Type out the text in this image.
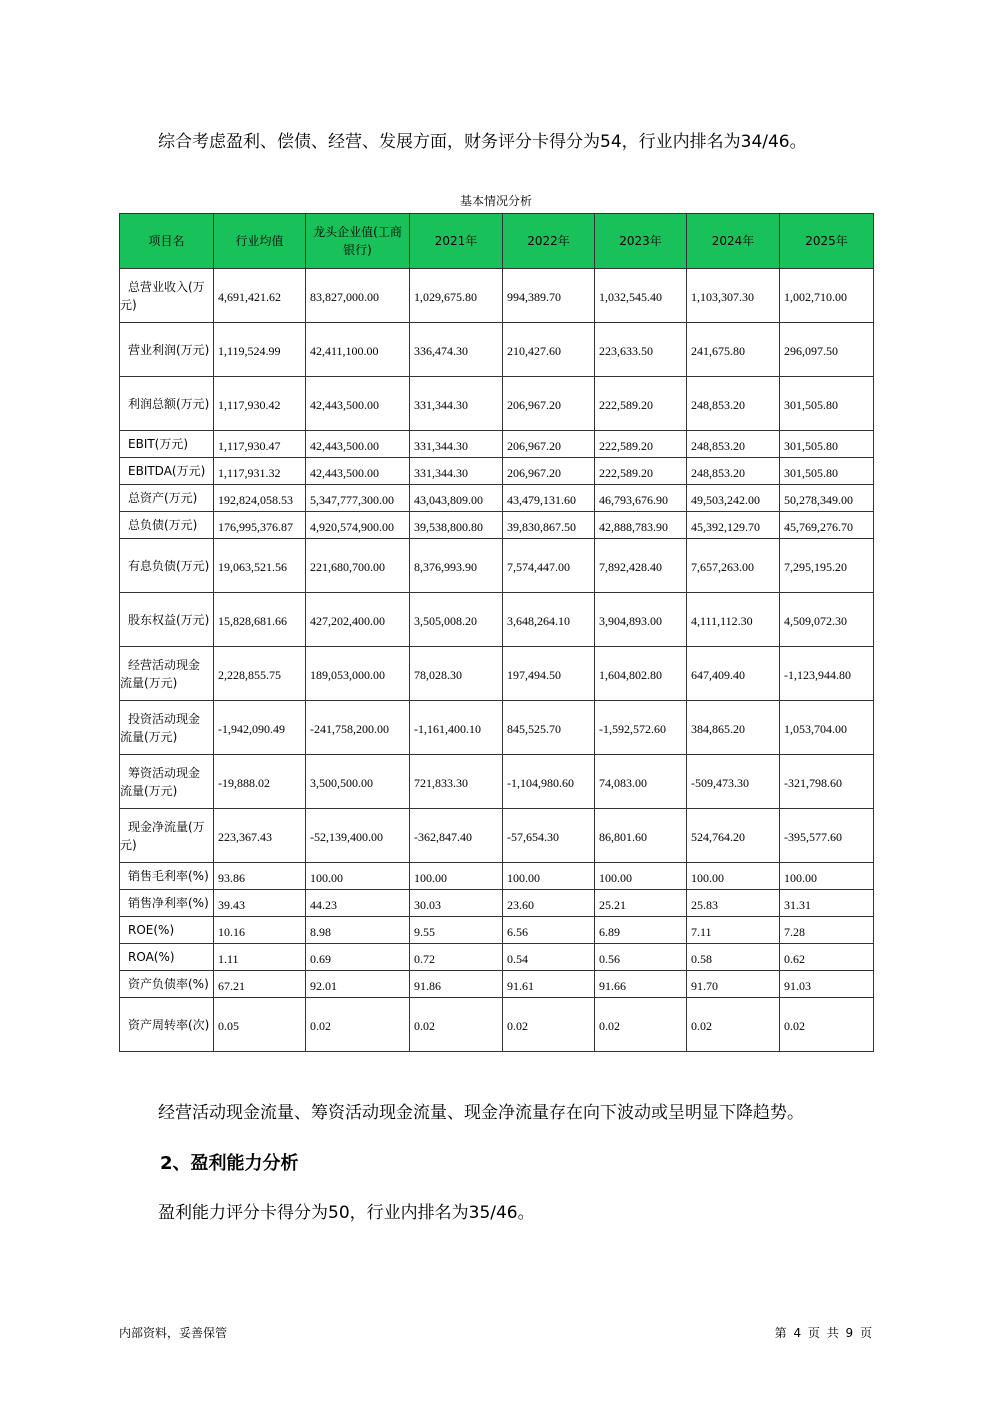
综合考虑盈利、偿债、经营、发展方面，财务评分卡得分为54，行业内排名为34/46。
基本情况分析
项目名	行业均值	龙头企业值(工商银行)	2021年	2022年	2023年	2024年	2025年

总营业收入(万元)	4,691,421.62	83,827,000.00	1,029,675.80	994,389.70	1,032,545.40	1,103,307.30	1,002,710.00

营业利润(万元)	1,119,524.99	42,411,100.00	336,474.30	210,427.60	223,633.50	241,675.80	296,097.50

利润总额(万元)	1,117,930.42	42,443,500.00	331,344.30	206,967.20	222,589.20	248,853.20	301,505.80

EBIT(万元)	1,117,930.47	42,443,500.00	331,344.30	206,967.20	222,589.20	248,853.20	301,505.80

EBITDA(万元)	1,117,931.32	42,443,500.00	331,344.30	206,967.20	222,589.20	248,853.20	301,505.80

总资产(万元)	192,824,058.53	5,347,777,300.00	43,043,809.00	43,479,131.60	46,793,676.90	49,503,242.00	50,278,349.00

总负债(万元)	176,995,376.87	4,920,574,900.00	39,538,800.80	39,830,867.50	42,888,783.90	45,392,129.70	45,769,276.70

有息负债(万元)	19,063,521.56	221,680,700.00	8,376,993.90	7,574,447.00	7,892,428.40	7,657,263.00	7,295,195.20

股东权益(万元)	15,828,681.66	427,202,400.00	3,505,008.20	3,648,264.10	3,904,893.00	4,111,112.30	4,509,072.30

经营活动现金流量(万元)	2,228,855.75	189,053,000.00	78,028.30	197,494.50	1,604,802.80	647,409.40	-1,123,944.80

投资活动现金流量(万元)	-1,942,090.49	-241,758,200.00	-1,161,400.10	845,525.70	-1,592,572.60	384,865.20	1,053,704.00

筹资活动现金流量(万元)	-19,888.02	3,500,500.00	721,833.30	-1,104,980.60	74,083.00	-509,473.30	-321,798.60

现金净流量(万元)	223,367.43	-52,139,400.00	-362,847.40	-57,654.30	86,801.60	524,764.20	-395,577.60

销售毛利率(%)	93.86	100.00	100.00	100.00	100.00	100.00	100.00

销售净利率(%)	39.43	44.23	30.03	23.60	25.21	25.83	31.31

ROE(%)	10.16	8.98	9.55	6.56	6.89	7.11	7.28

ROA(%)	1.11	0.69	0.72	0.54	0.56	0.58	0.62

资产负债率(%)	67.21	92.01	91.86	91.61	91.66	91.70	91.03

资产周转率(次)	0.05	0.02	0.02	0.02	0.02	0.02	0.02
经营活动现金流量、筹资活动现金流量、现金净流量存在向下波动或呈明显下降趋势。
2、盈利能力分析
盈利能力评分卡得分为50，行业内排名为35/46。
内部资料，妥善保管	第 4 页 共 9 页
